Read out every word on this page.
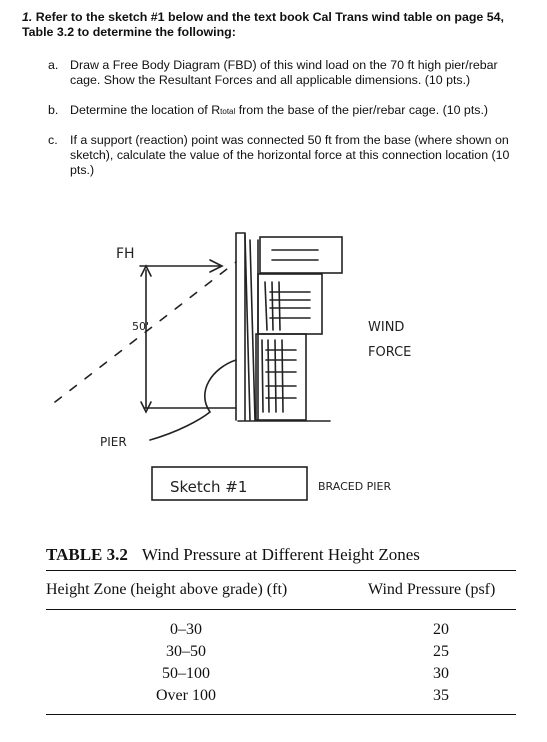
1. Refer to the sketch #1 below and the text book Cal Trans wind table on page 54, Table 3.2 to determine the following:
a. Draw a Free Body Diagram (FBD) of this wind load on the 70 ft high pier/rebar cage. Show the Resultant Forces and all applicable dimensions. (10 pts.)
b. Determine the location of Rtotal from the base of the pier/rebar cage. (10 pts.)
c. If a support (reaction) point was connected 50 ft from the base (where shown on sketch), calculate the value of the horizontal force at this connection location (10 pts.)
FH
50'	WIND
FORCE
PIER
Sketch #1	BRACED PIER
TABLE 3.2 Wind Pressure at Different Height Zones
Height Zone (height above grade) (ft)	Wind Pressure (psf)
0–30	20
30–50	25
50–100	30
Over 100	35
